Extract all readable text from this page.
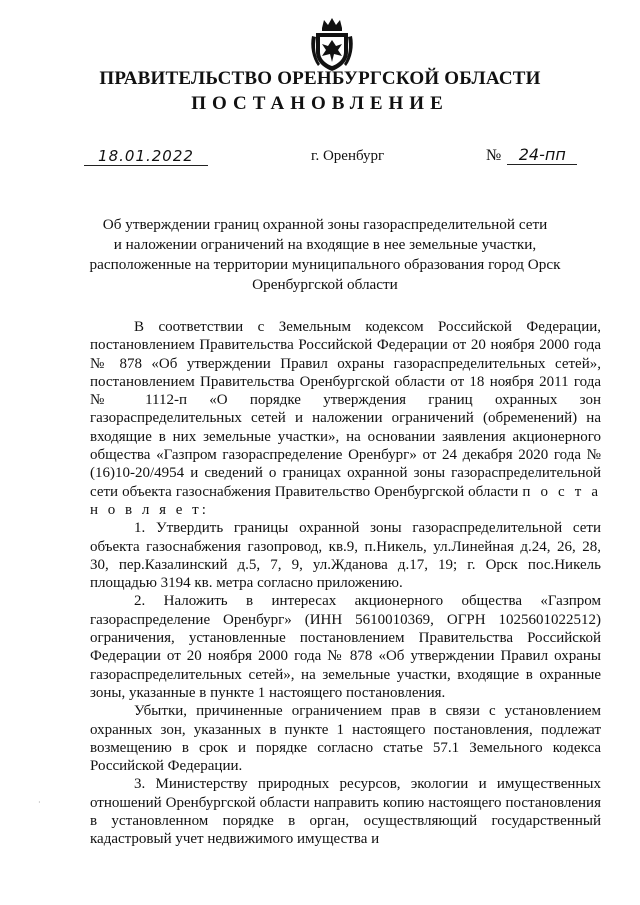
ПРАВИТЕЛЬСТВО ОРЕНБУРГСКОЙ ОБЛАСТИ
ПОСТАНОВЛЕНИЕ
18.01.2022	г. Оренбург	№	24-пп
Об утверждении границ охранной зоны газораспределительной сети
и наложении ограничений на входящие в нее земельные участки,
расположенные на территории муниципального образования город Орск
Оренбургской области

В соответствии с Земельным кодексом Российской Федерации, постановлением Правительства Российской Федерации от 20 ноября 2000 года № 878 «Об утверждении Правил охраны газораспределительных сетей», постановлением Правительства Оренбургской области от 18 ноября 2011 года № 1112-п «О порядке утверждения границ охранных зон газораспределительных сетей и наложении ограничений (обременений) на входящие в них земельные участки», на основании заявления акционерного общества «Газпром газораспределение Оренбург» от 24 декабря 2020 года № (16)10-20/4954 и сведений о границах охранной зоны газораспределительной сети объекта газоснабжения Правительство Оренбургской области п о с т а н о в л я е т:

1. Утвердить границы охранной зоны газораспределительной сети объекта газоснабжения газопровод, кв.9, п.Никель, ул.Линейная д.24, 26, 28, 30, пер.Казалинский д.5, 7, 9, ул.Жданова д.17, 19; г. Орск пос.Никель площадью 3194 кв. метра согласно приложению.

2. Наложить в интересах акционерного общества «Газпром газораспределение Оренбург» (ИНН 5610010369, ОГРН 1025601022512) ограничения, установленные постановлением Правительства Российской Федерации от 20 ноября 2000 года № 878 «Об утверждении Правил охраны газораспределительных сетей», на земельные участки, входящие в охранные зоны, указанные в пункте 1 настоящего постановления.

Убытки, причиненные ограничением прав в связи с установлением охранных зон, указанных в пункте 1 настоящего постановления, подлежат возмещению в срок и порядке согласно статье 57.1 Земельного кодекса Российской Федерации.

3. Министерству природных ресурсов, экологии и имущественных отношений Оренбургской области направить копию настоящего постановления в установленном порядке в орган, осуществляющий государственный кадастровый учет недвижимого имущества и

·
